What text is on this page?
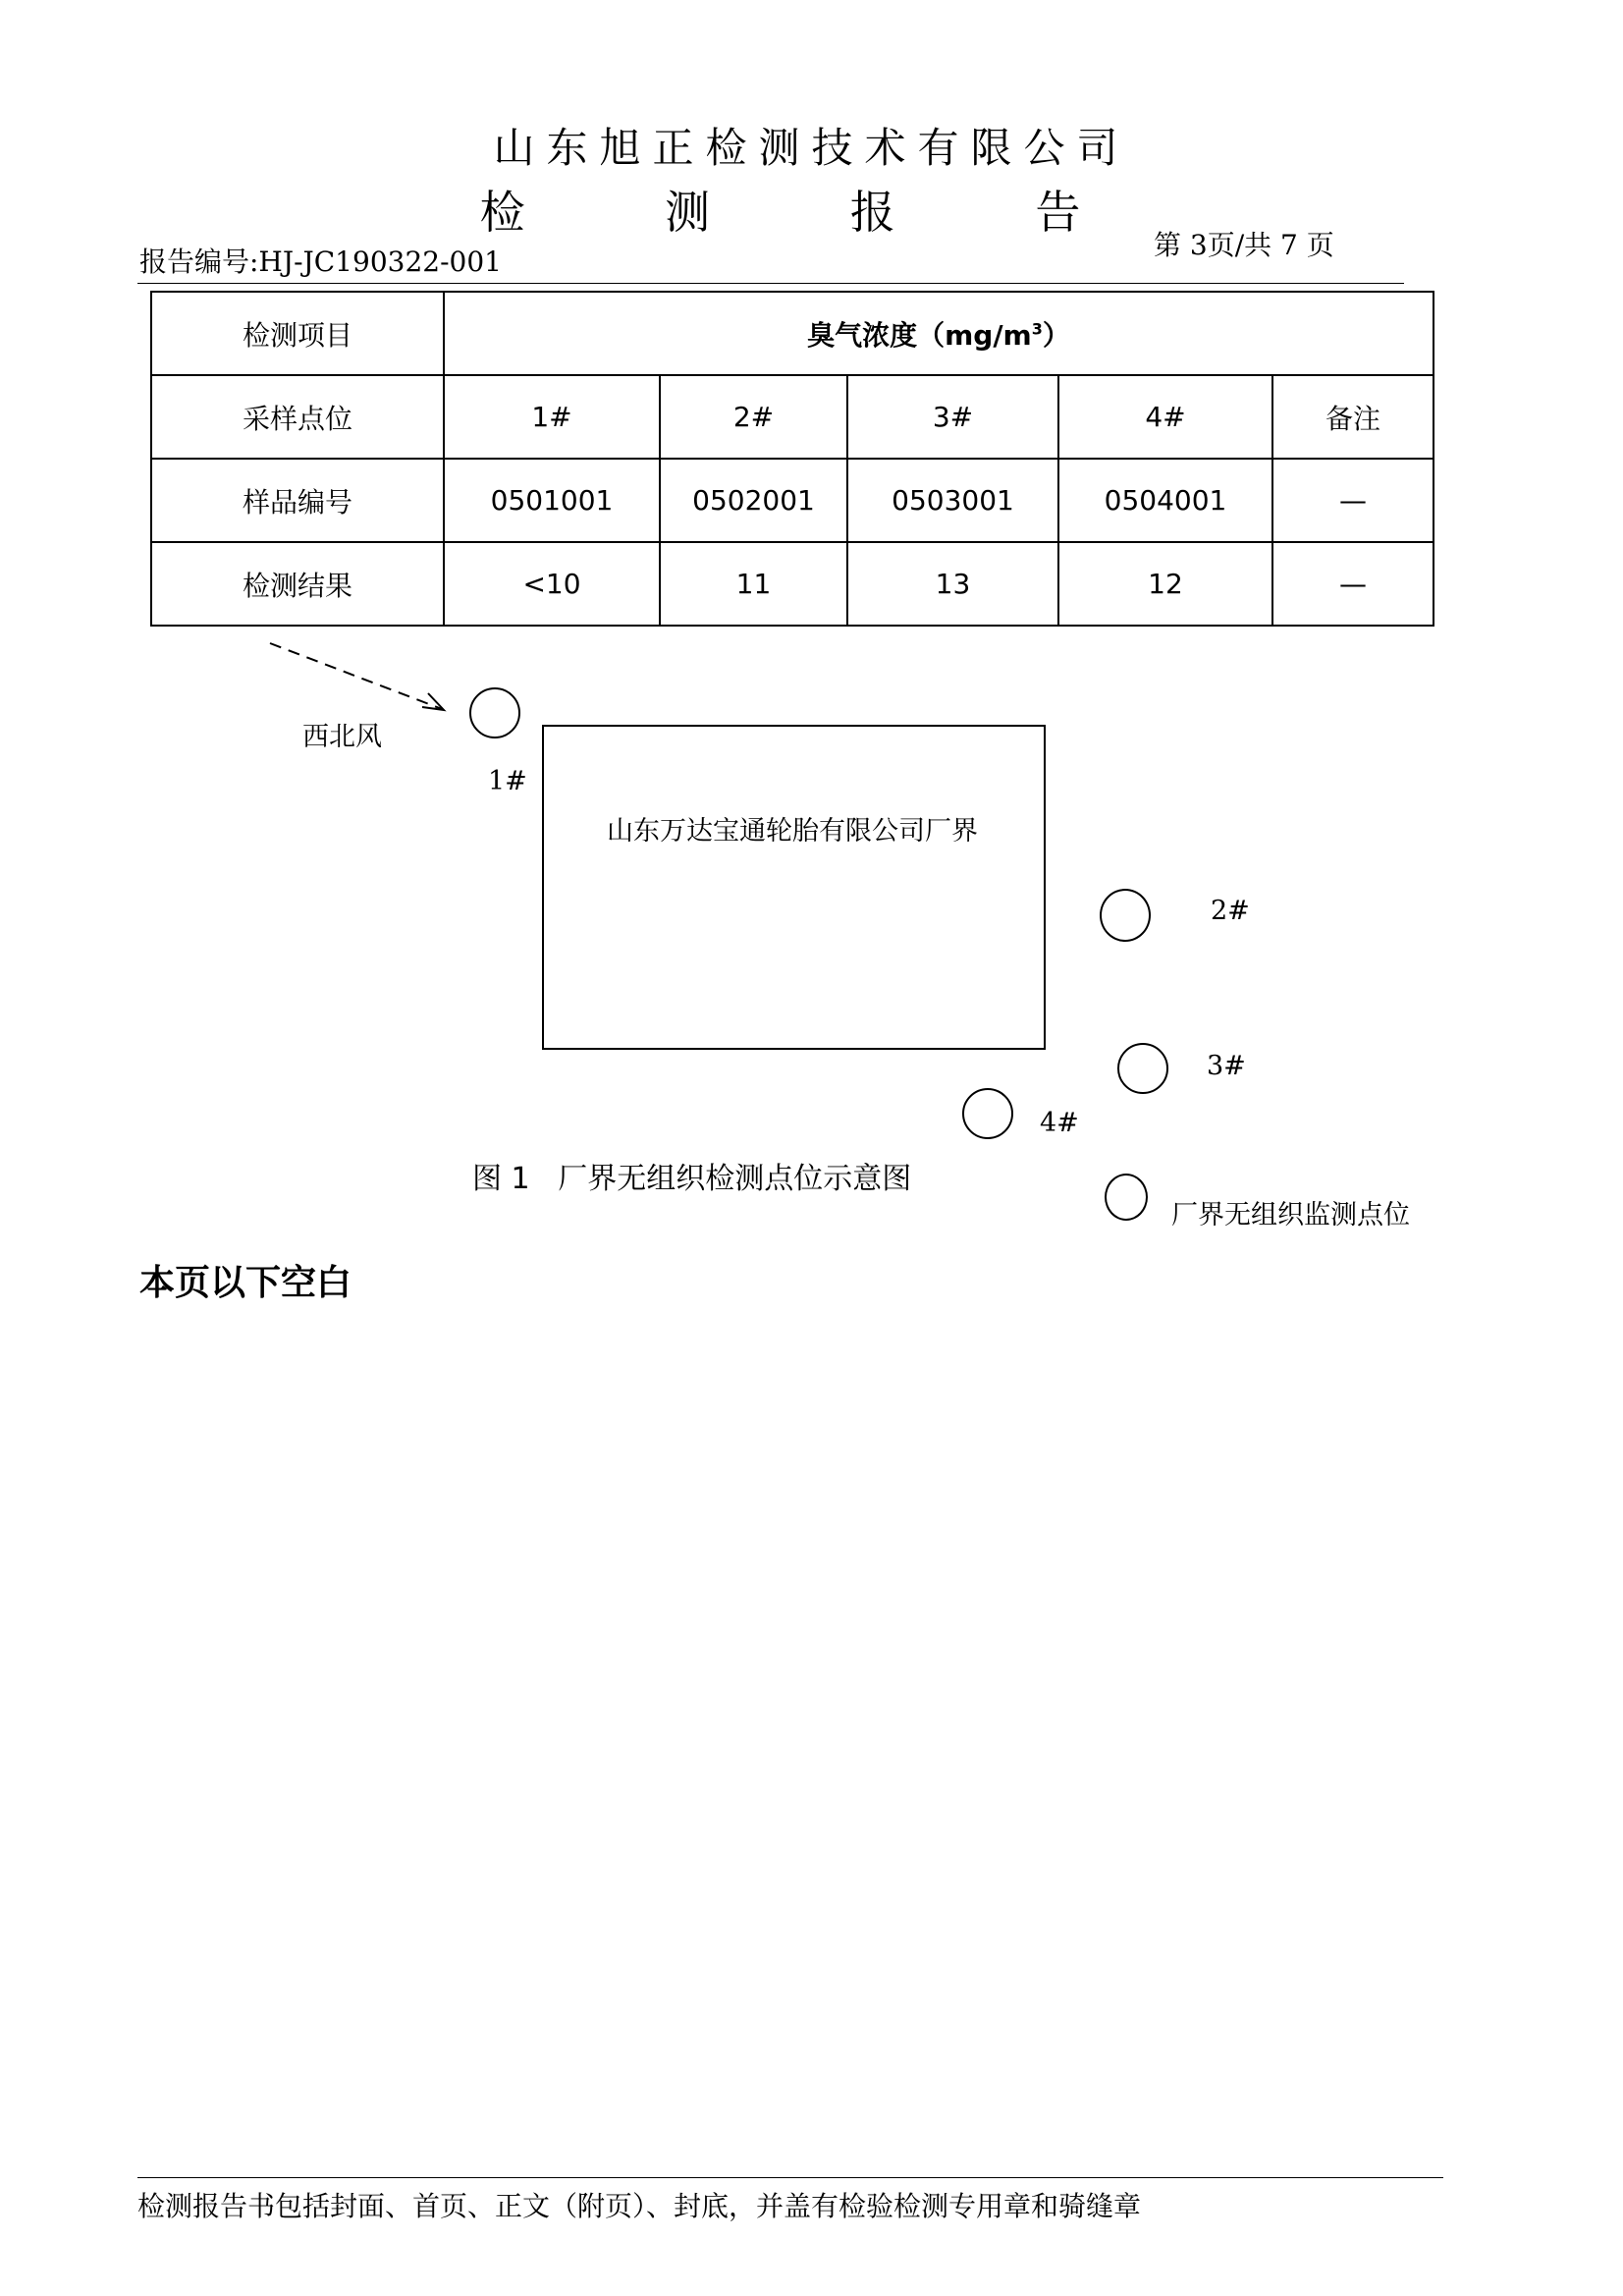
山东旭正检测技术有限公司
检 测 报 告
第 3页/共 7 页
报告编号:HJ-JC190322-001
检测项目	臭气浓度$(mg/m^3)$				
采样点位	1#	2#	3#	4#	备注
样品编号	0501001	0502001	0503001	0504001	—
检测结果	<10	11	13	12	—
西北风
1#
山东万达宝通轮胎有限公司厂界
2#
3#
4#
图 1   厂界无组织检测点位示意图
厂界无组织监测点位
本页以下空白
检测报告书包括封面、首页、正文（附页）、封底，并盖有检验检测专用章和骑缝章
